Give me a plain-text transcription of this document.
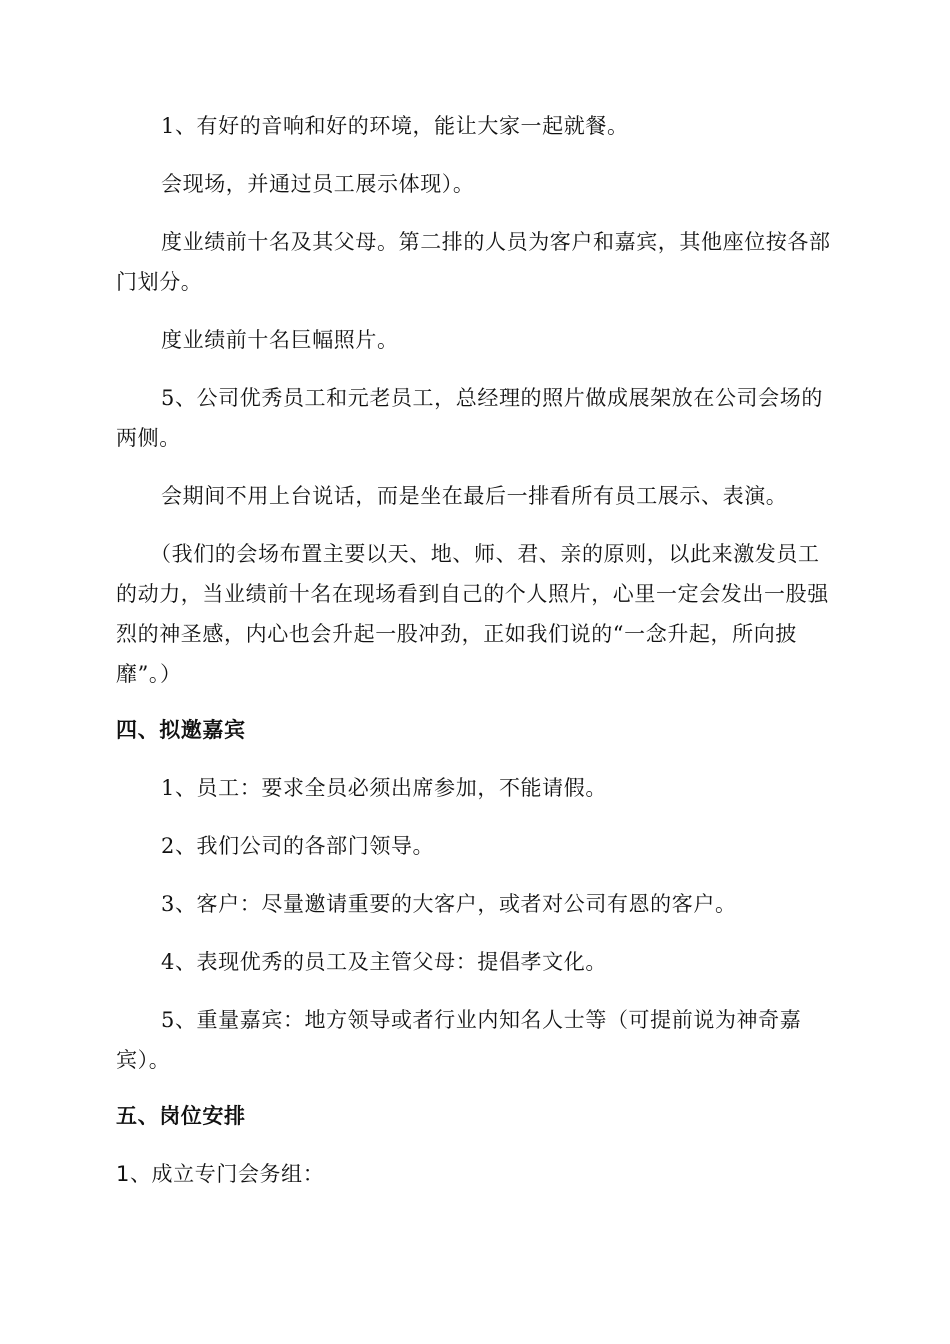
1、有好的音响和好的环境，能让大家一起就餐。

会现场，并通过员工展示体现）。

度业绩前十名及其父母。第二排的人员为客户和嘉宾，其他座位按各部门划分。

度业绩前十名巨幅照片。

5、公司优秀员工和元老员工，总经理的照片做成展架放在公司会场的两侧。

会期间不用上台说话，而是坐在最后一排看所有员工展示、表演。

（我们的会场布置主要以天、地、师、君、亲的原则，以此来激发员工的动力，当业绩前十名在现场看到自己的个人照片，心里一定会发出一股强烈的神圣感，内心也会升起一股冲劲，正如我们说的“一念升起，所向披靡”。）

四、拟邀嘉宾

1、员工：要求全员必须出席参加，不能请假。

2、我们公司的各部门领导。

3、客户：尽量邀请重要的大客户，或者对公司有恩的客户。

4、表现优秀的员工及主管父母：提倡孝文化。

5、重量嘉宾：地方领导或者行业内知名人士等（可提前说为神奇嘉宾）。

五、岗位安排

1、成立专门会务组：
